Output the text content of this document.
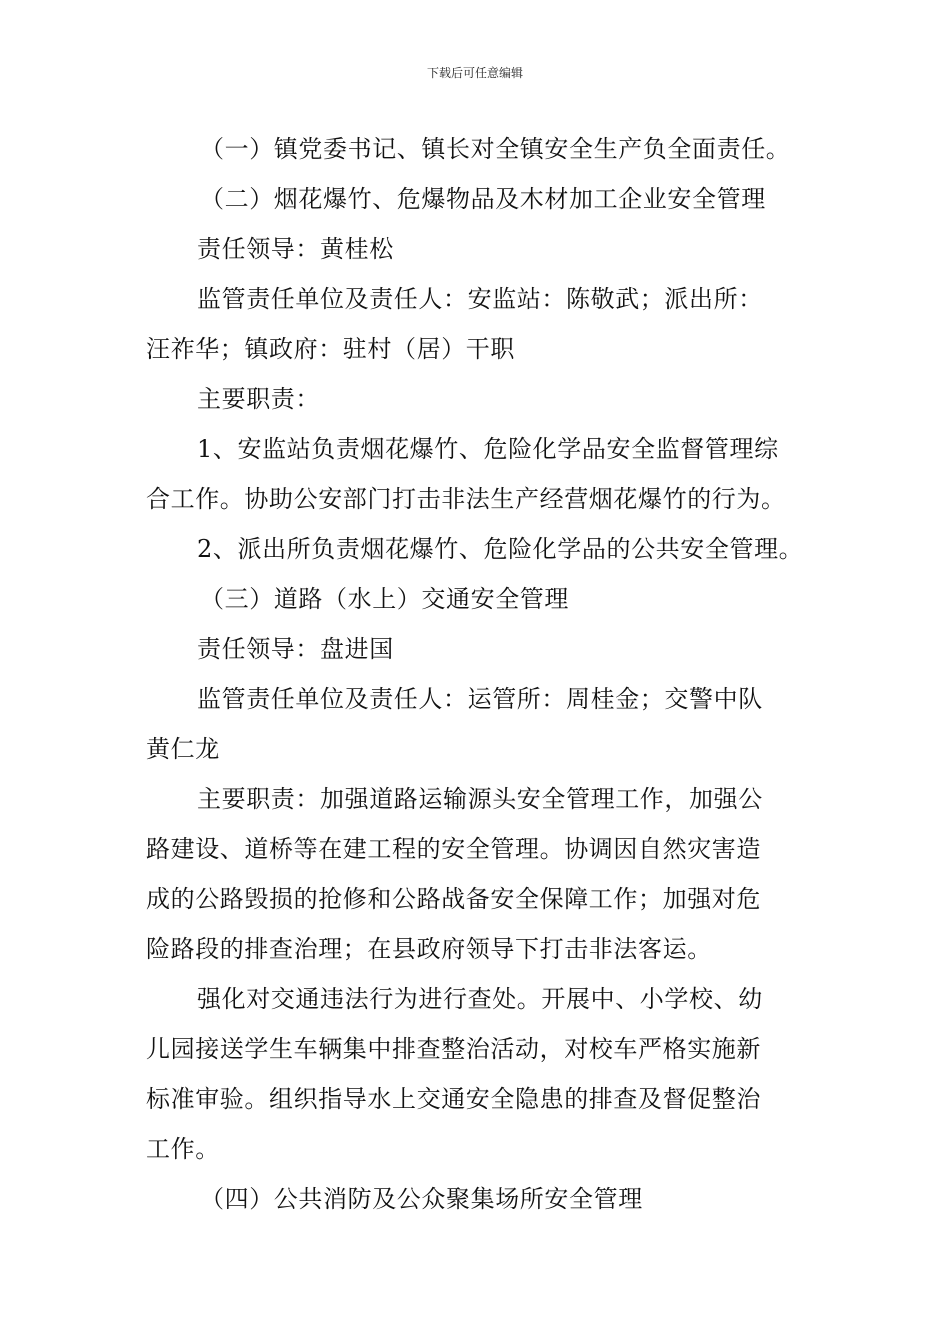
下载后可任意编辑
（一）镇党委书记、镇长对全镇安全生产负全面责任。
（二）烟花爆竹、危爆物品及木材加工企业安全管理
责任领导：黄桂松
监管责任单位及责任人：安监站：陈敬武；派出所：
汪祚华；镇政府：驻村（居）干职
主要职责：
1、安监站负责烟花爆竹、危险化学品安全监督管理综
合工作。协助公安部门打击非法生产经营烟花爆竹的行为。
2、派出所负责烟花爆竹、危险化学品的公共安全管理。
（三）道路（水上）交通安全管理
责任领导：盘进国
监管责任单位及责任人：运管所：周桂金；交警中队
黄仁龙
主要职责：加强道路运输源头安全管理工作，加强公
路建设、道桥等在建工程的安全管理。协调因自然灾害造
成的公路毁损的抢修和公路战备安全保障工作；加强对危
险路段的排查治理；在县政府领导下打击非法客运。
强化对交通违法行为进行查处。开展中、小学校、幼
儿园接送学生车辆集中排查整治活动，对校车严格实施新
标准审验。组织指导水上交通安全隐患的排查及督促整治
工作。
（四）公共消防及公众聚集场所安全管理
